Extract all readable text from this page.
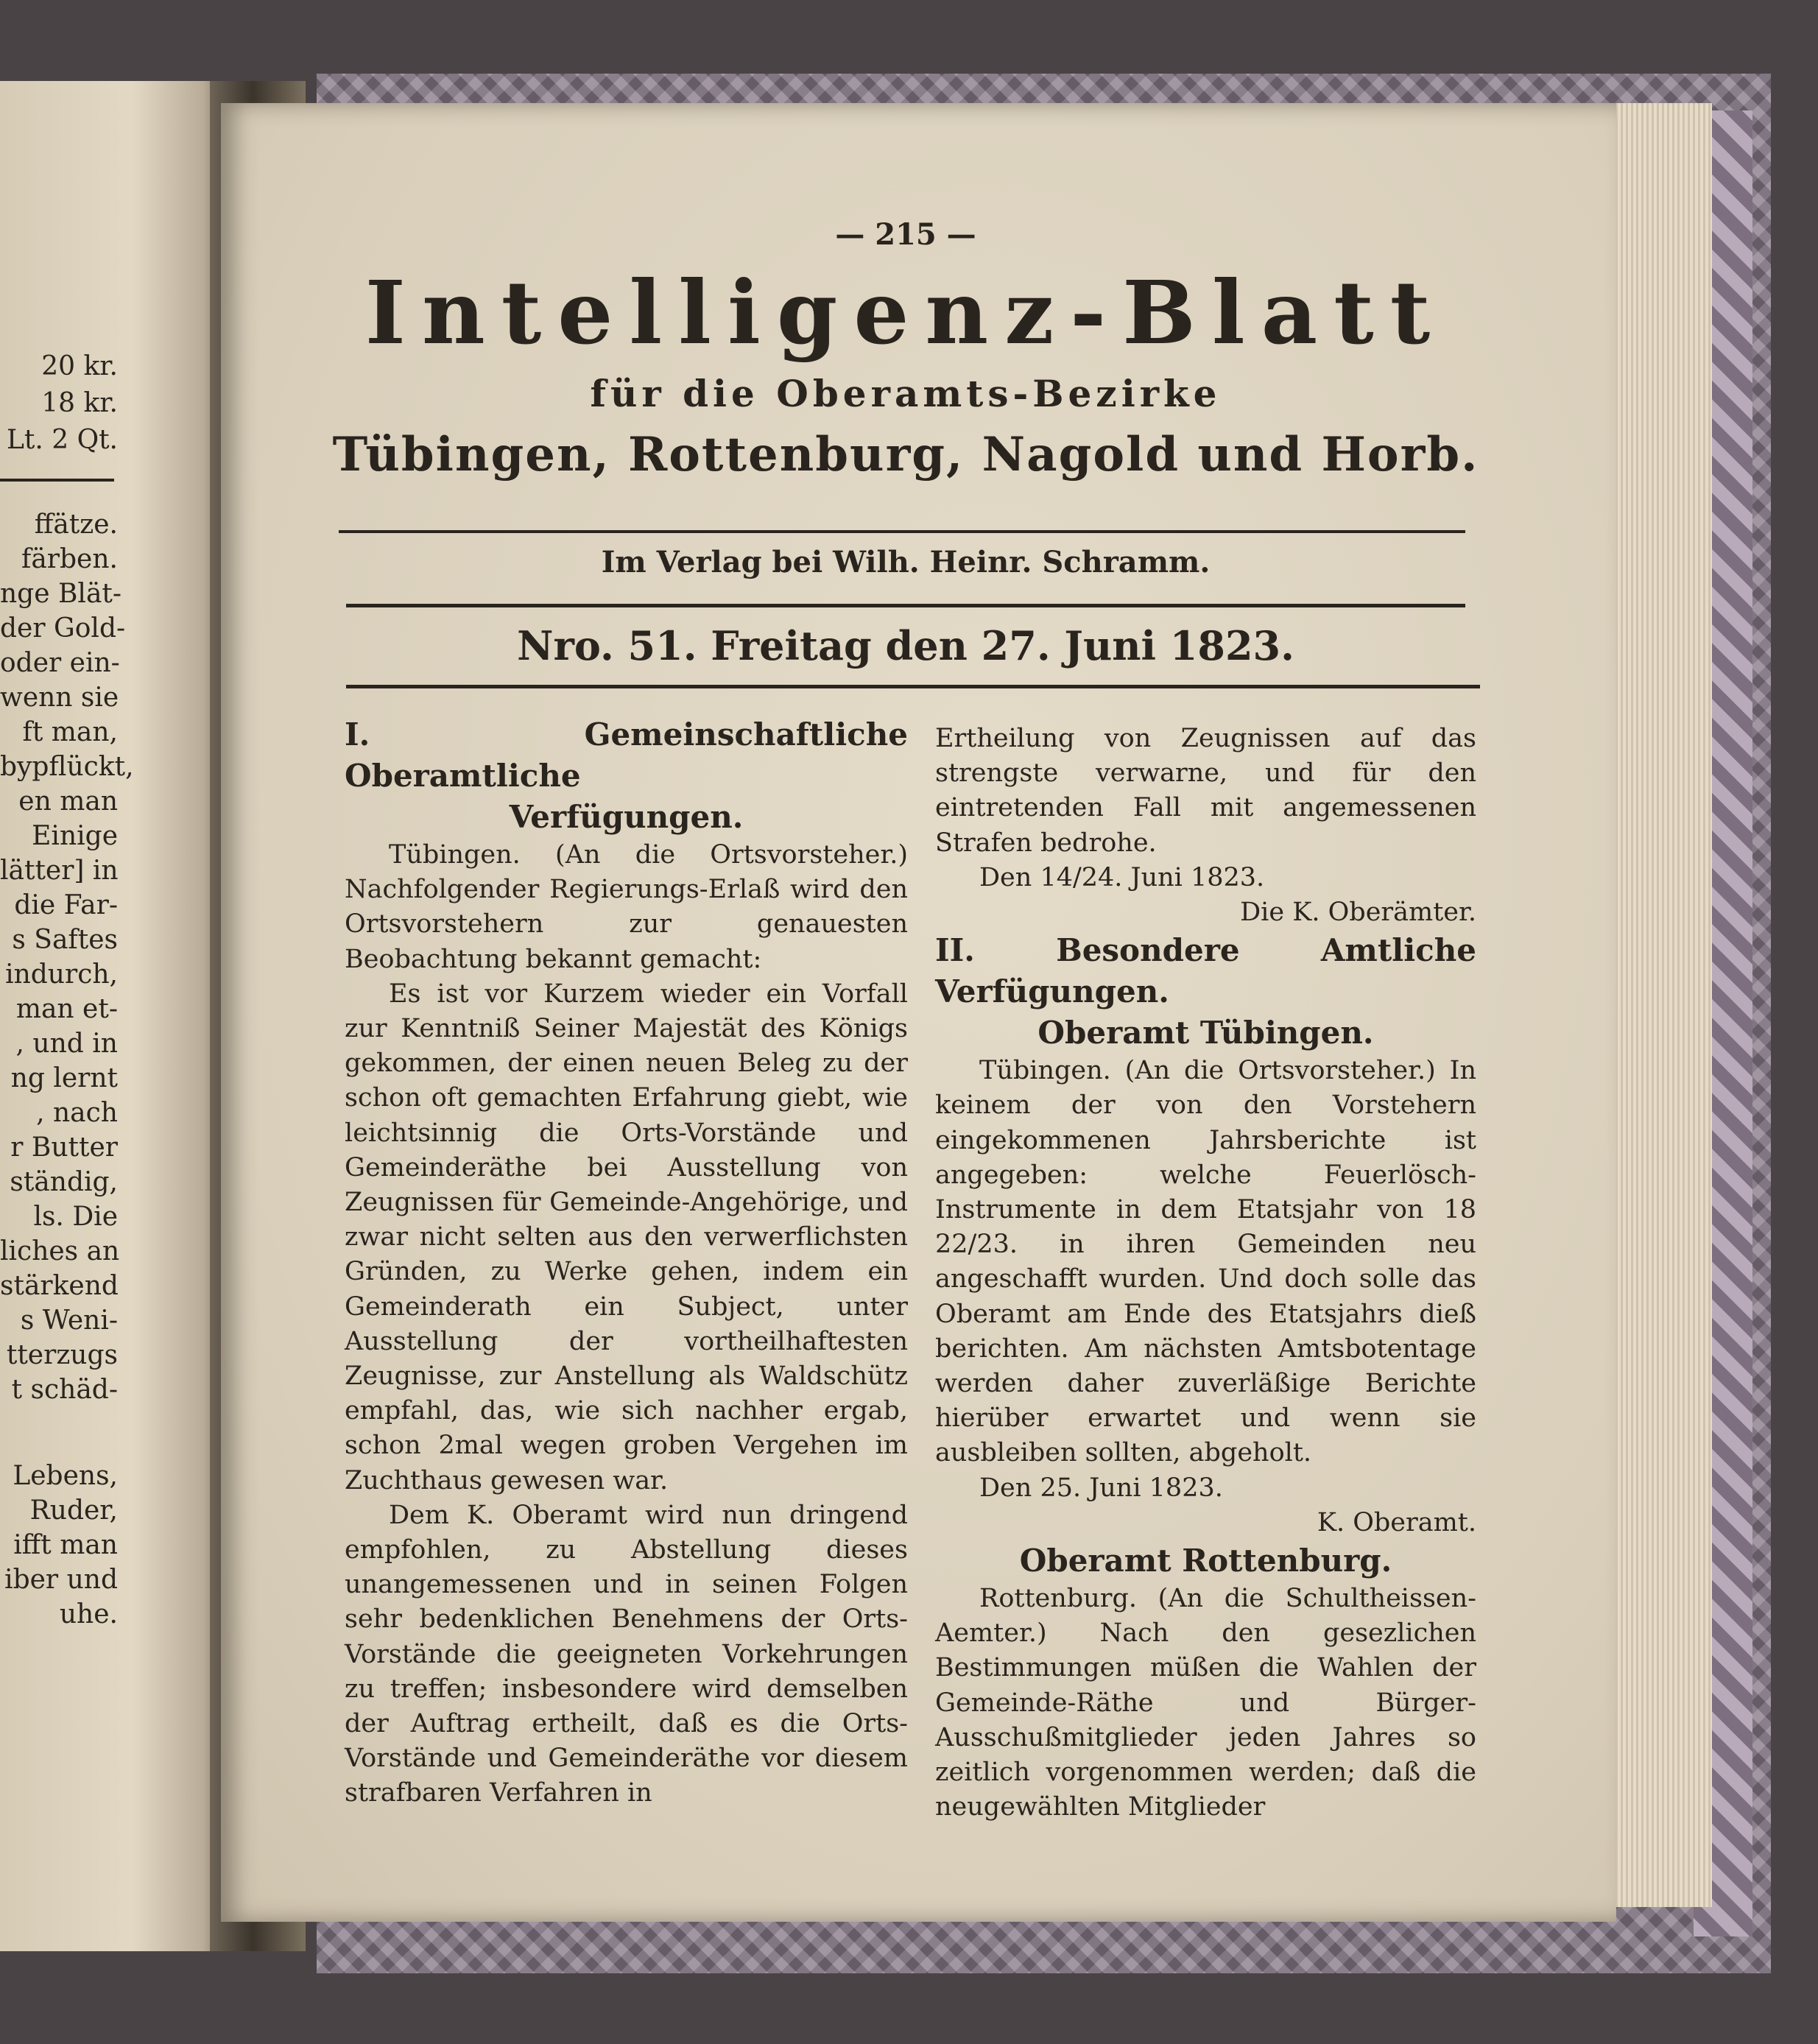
20 kr.
18 kr.
Lt. 2 Qt.
ffätze.
färben.
nge Blät-
der Gold-
oder ein-
wenn sie
ft man,
bypflückt,
en man
Einige
lätter] in
die Far-
s Saftes
indurch,
man et-
, und in
ng lernt
, nach
r Butter
ständig,
ls. Die
liches an
stärkend
s Weni-
tterzugs
t schäd-
Lebens,
Ruder,
ifft man
iber und
uhe.
— 215 —
Intelligenz-Blatt
für die Oberamts-Bezirke
Tübingen, Rottenburg, Nagold und Horb.
Im Verlag bei Wilh. Heinr. Schramm.
Nro. 51. Freitag den 27. Juni 1823.

I. Gemeinschaftliche Oberamtliche

Verfügungen.

Tübingen. (An die Ortsvorsteher.) Nachfolgender Regierungs-Erlaß wird den Ortsvorstehern zur genauesten Beobachtung bekannt gemacht:

Es ist vor Kurzem wieder ein Vorfall zur Kenntniß Seiner Majestät des Königs gekommen, der einen neuen Beleg zu der schon oft gemachten Erfahrung giebt, wie leichtsinnig die Orts-Vorstände und Gemeinderäthe bei Ausstellung von Zeugnissen für Gemeinde-Angehörige, und zwar nicht selten aus den verwerflichsten Gründen, zu Werke gehen, indem ein Gemeinderath ein Subject, unter Ausstellung der vortheilhaftesten Zeugnisse, zur Anstellung als Waldschütz empfahl, das, wie sich nachher ergab, schon 2mal wegen groben Vergehen im Zuchthaus gewesen war.

Dem K. Oberamt wird nun dringend empfohlen, zu Abstellung dieses unangemessenen und in seinen Folgen sehr bedenklichen Benehmens der Orts-Vorstände die geeigneten Vorkehrungen zu treffen; insbesondere wird demselben der Auftrag ertheilt, daß es die Orts-Vorstände und Gemeinderäthe vor diesem strafbaren Verfahren in

Ertheilung von Zeugnissen auf das strengste verwarne, und für den eintretenden Fall mit angemessenen Strafen bedrohe.

Den 14/24. Juni 1823.

Die K. Oberämter.

II. Besondere Amtliche Verfügungen.

Oberamt Tübingen.

Tübingen. (An die Ortsvorsteher.) In keinem der von den Vorstehern eingekommenen Jahrsberichte ist angegeben: welche Feuerlösch-Instrumente in dem Etatsjahr von 18 22/23. in ihren Gemeinden neu angeschafft wurden. Und doch solle das Oberamt am Ende des Etatsjahrs dieß berichten. Am nächsten Amtsbotentage werden daher zuverläßige Berichte hierüber erwartet und wenn sie ausbleiben sollten, abgeholt.

Den 25. Juni 1823.

K. Oberamt.

Oberamt Rottenburg.

Rottenburg. (An die Schultheissen-Aemter.) Nach den gesezlichen Bestimmungen müßen die Wahlen der Gemeinde-Räthe und Bürger-Ausschußmitglieder jeden Jahres so zeitlich vorgenommen werden; daß die neugewählten Mitglieder
